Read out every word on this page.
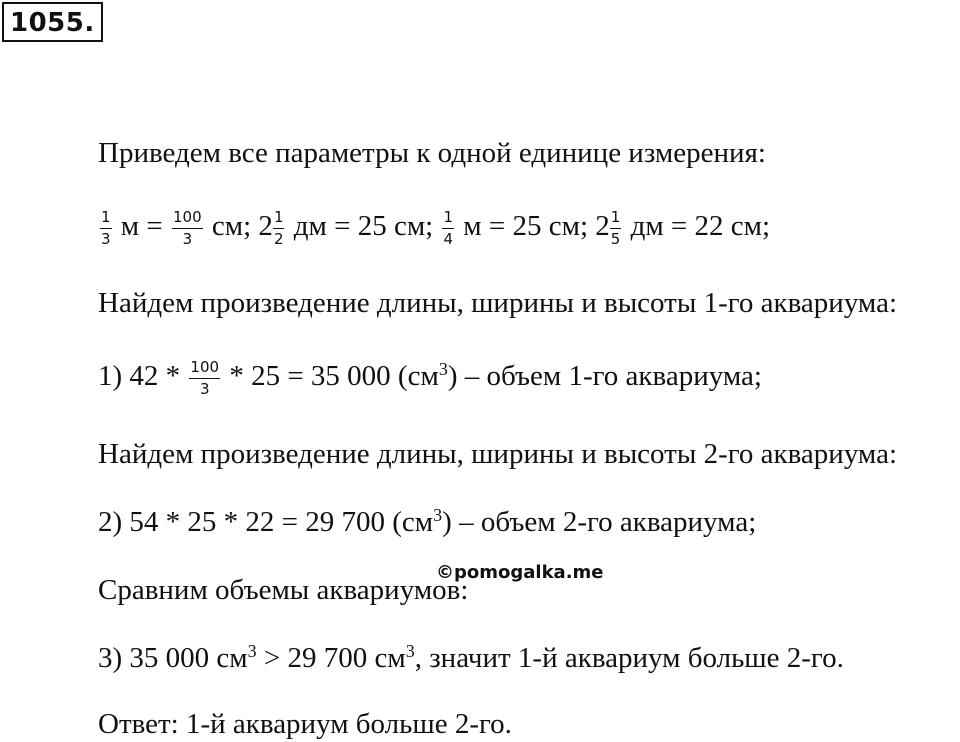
1055.
Приведем все параметры к одной единице измерения:
$\frac{1}{3}$ $м = \frac{100}{3}$ см; $2 \frac{1}{2}$ дм = 25 см; $\frac{1}{4}$ м = 25 см; $2 \frac{1}{5}$ дм = 22 см;
Найдем произведение длины, ширины и высоты 1-го аквариума:
1) $42 * \frac{100}{3} * 25 = 35$ 000 $(см^3)$ – объем 1-го аквариума;
Найдем произведение длины, ширины и высоты 2-го аквариума:
2) 54 * 25 * 22 = 29 700 $(см^3)$ – объем 2-го аквариума;
Сравним объемы аквариумов:
3) 35 000 $см^3 > 29$ 700 $см^3$, значит 1-й аквариум больше 2-го.
Ответ: 1-й аквариум больше 2-го.
©pomogalka.me
